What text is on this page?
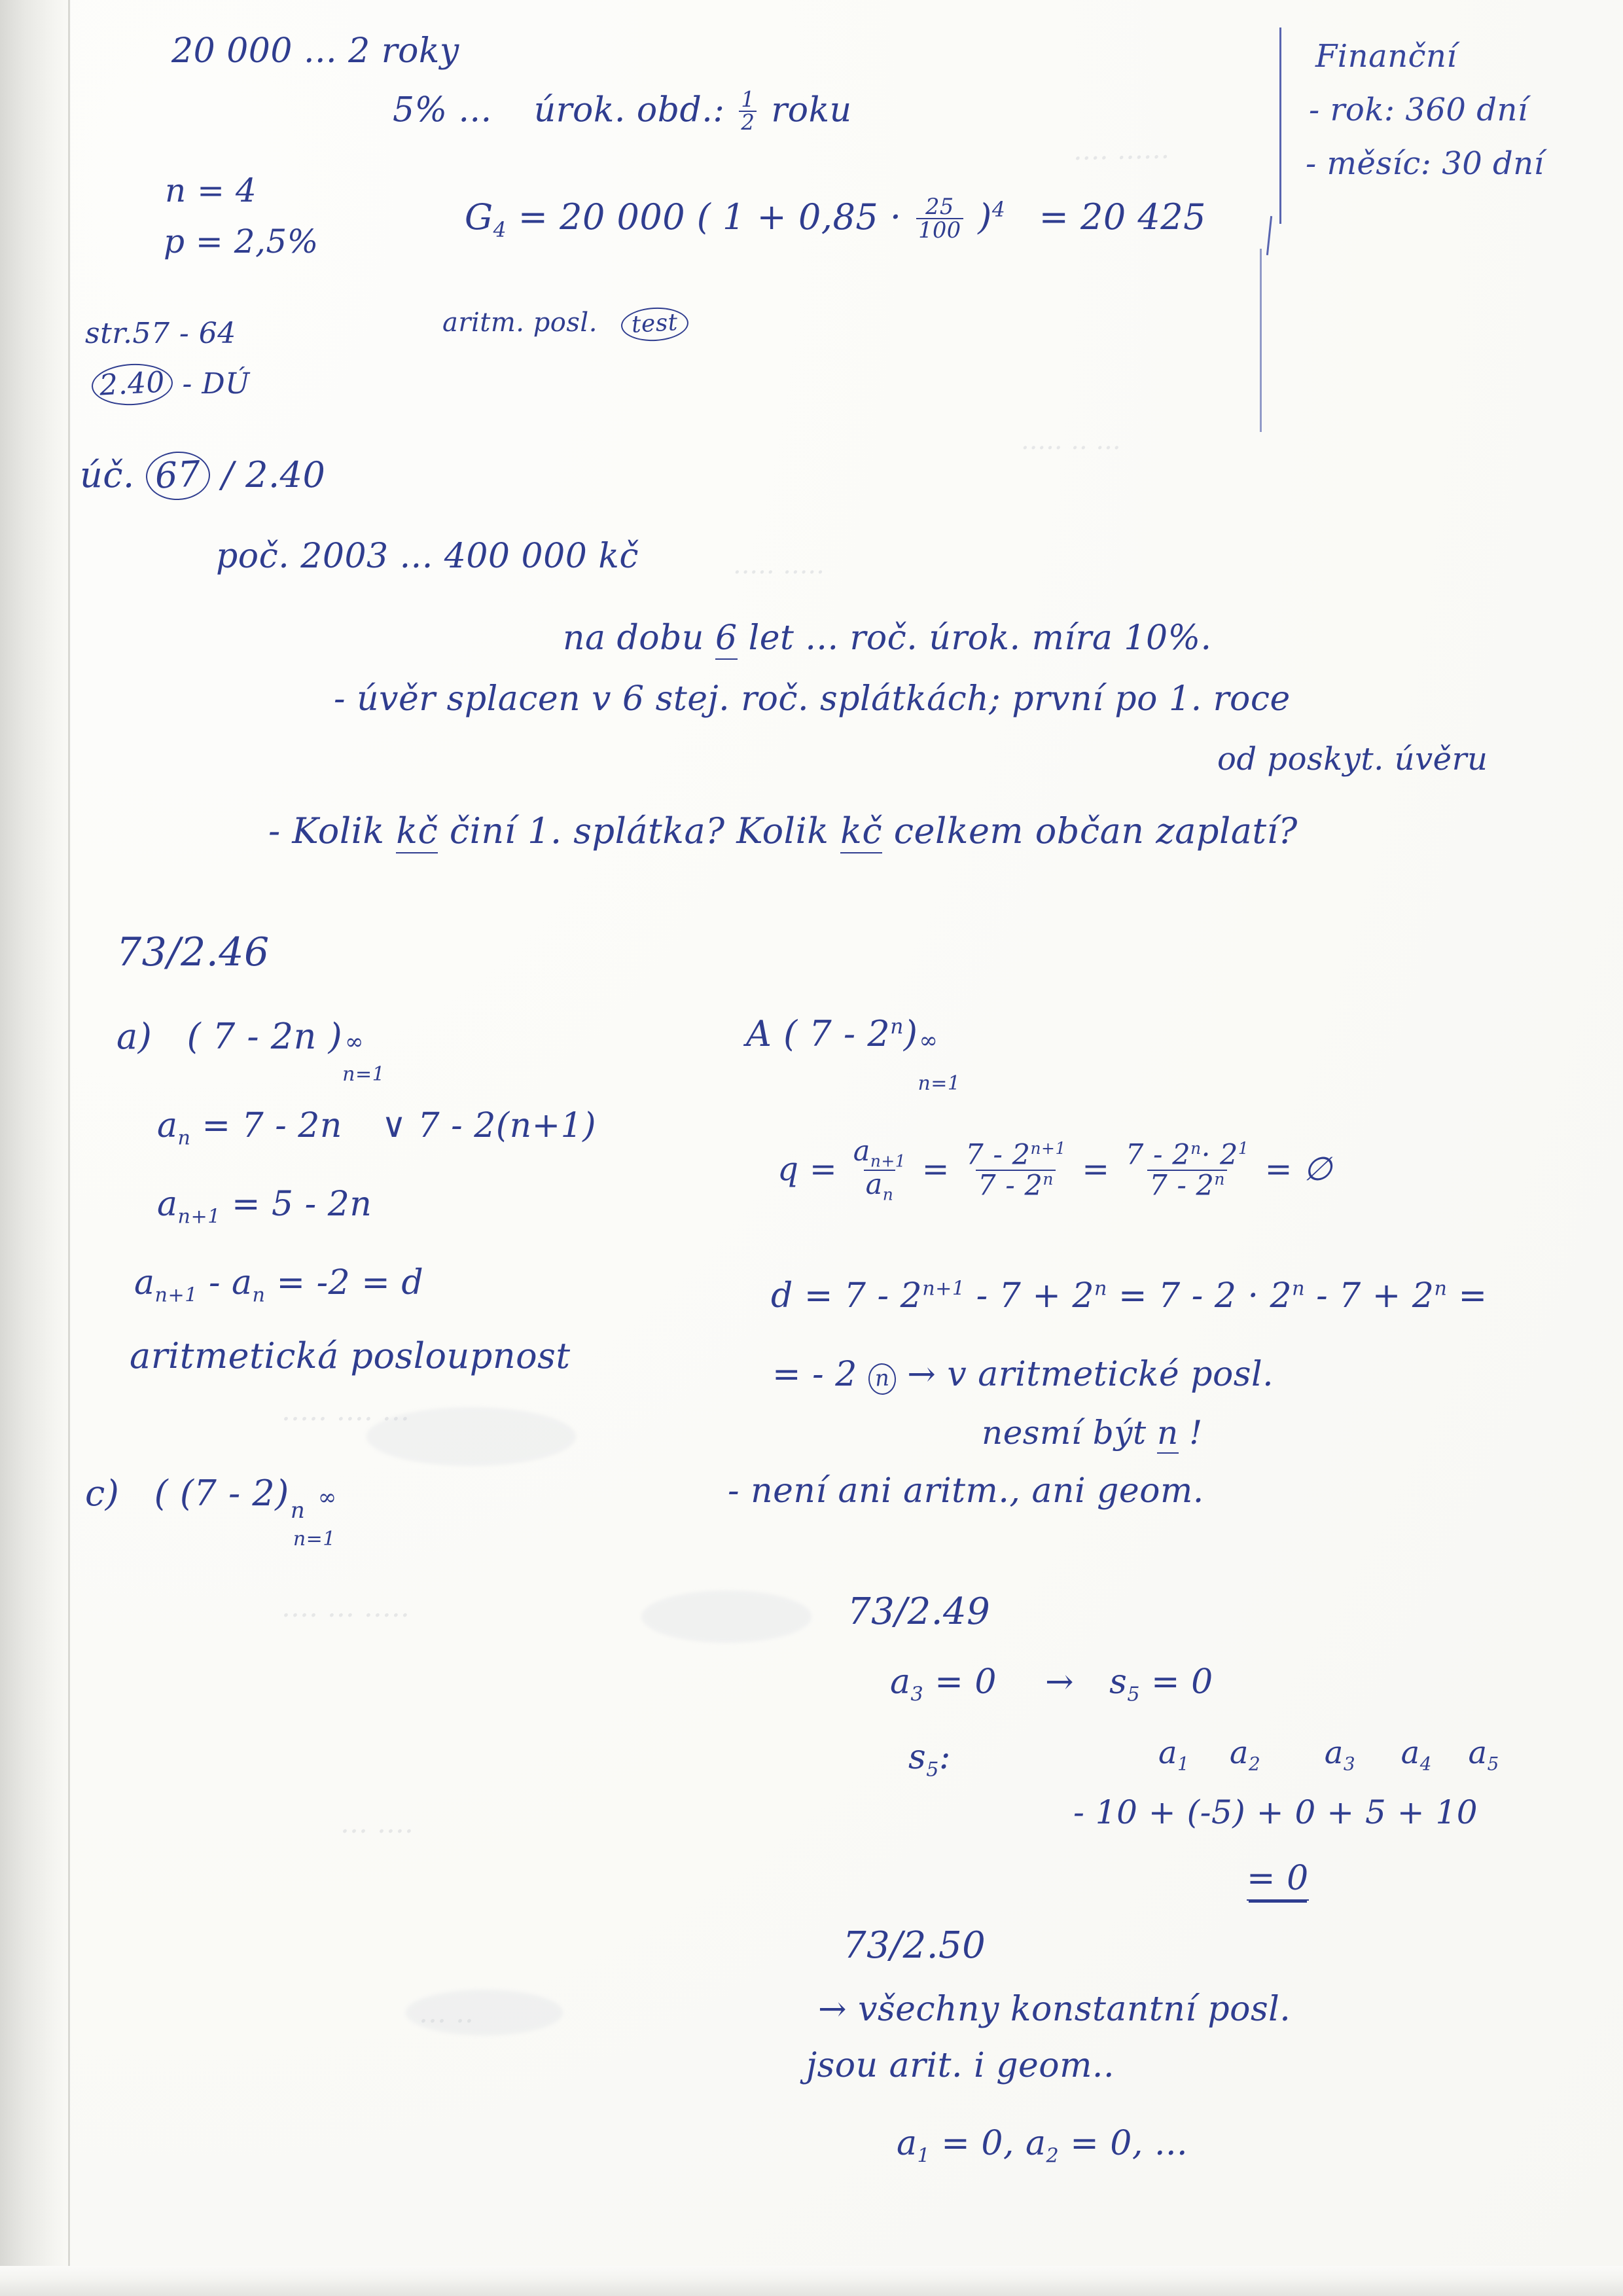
.... ......
..... .. ...
..... .....
..... .... ...
.... ... .....
... ....
... ..
20 000 ... 2 roky
5% ... úrok. obd.: $\frac{1}{2}$ roku
n = 4
p = 2,5%
$G_4 = 20$ 000 ( $1 + 0,85 \cdot \frac{25}{100} )^4 = 20$ 425
aritm. posl. test
Finanční
- rok: 360 dní
- měsíc: 30 dní
str.57 - 64
2.40 - DÚ
úč. 67 / 2.40
poč. 2003 ... 400 000 kč
na dobu 6 let ... roč. úrok. míra 10%.
- úvěr splacen v 6 stej. roč. splátkách; první po 1. roce
od poskyt. úvěru
- Kolik kč činí 1. splátka? Kolik kč celkem občan zaplatí?
73/2.46
a) ( 7 - 2n ) ∞
n=1
$a_n = 7 - 2n$ ∨ 7 - 2(n+1)
$a_{n+1} = 5 - 2n$
$a_{n+1} - a_n = -2 = d$
aritmetická posloupnost
c) ( (7 - 2) n ∞
n=1
A ( 7 - 2$^n$) ∞
n=1
$q = \frac{a_{n+1}}{a_n} = \frac{7 - 2^{n+1}}{7 - 2^n} = \frac{7 - 2^n\cdot 2^1}{7 - 2^n}$ = ∅
$d = 7 - 2^{n+1} - 7 + 2^n = 7 - 2 \cdot 2^n - 7 + 2^n$ =
= - 2 n → v aritmetické posl.
nesmí být n !
- není ani aritm., ani geom.
73/2.49
$a_3 = 0 \to s_5 = 0$
$s_5$:	$a_1$ $a_2$ $a_3$ $a_4$ $a_5$
- 10 + (-5) + 0 + 5 + 10
= 0
73/2.50
→ všechny konstantní posl.
jsou arit. i geom..
$a_1 = 0$, $a_2 = 0$, ...
